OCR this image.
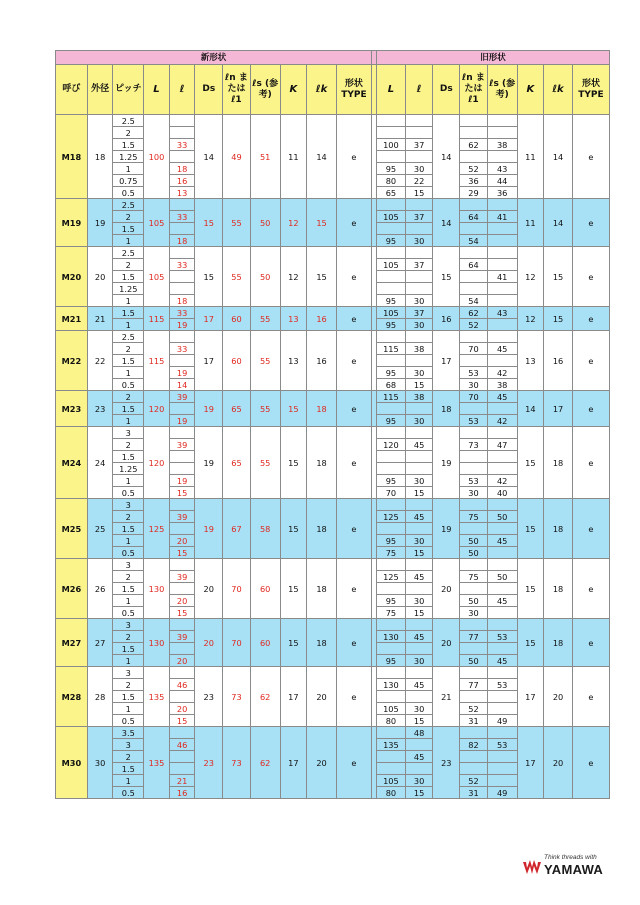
新形状												旧形状							
呼び	外径	ピッチ	L	ℓ	Ds	ℓn または ℓ1	ℓs (参考)	K	ℓk	形状 TYPE		L	ℓ	Ds	ℓn または ℓ1	ℓs (参考)	K	ℓk	形状 TYPE
M18	18	2.5	100		14	49	51	11	14	e				14			11	14	e
		2																	
		1.5		33								100	37		62	38			
		1.25																	
		1		18								95	30		52	43			
		0.75		16								80	22		36	44			
		0.5		13								65	15		29	36			
M19	19	2.5	105		15	55	50	12	15	e				14			11	14	e
		2		33								105	37		64	41			
		1.5																	
		1		18								95	30		54				
M20	20	2.5	105		15	55	50	12	15	e				15			12	15	e
		2		33								105	37		64				
		1.5														41			
		1.25																	
		1		18								95	30		54				
M21	21	1.5	115	33	17	60	55	13	16	e		105	37	16	62	43	12	15	e
		1		19								95	30		52				
M22	22	2.5	115		17	60	55	13	16	e				17			13	16	e
		2		33								115	38		70	45			
		1.5																	
		1		19								95	30		53	42			
		0.5		14								68	15		30	38			
M23	23	2	120	39	19	65	55	15	18	e		115	38	18	70	45	14	17	e
		1.5																	
		1		19								95	30		53	42			
M24	24	3	120		19	65	55	15	18	e				19			15	18	e
		2		39								120	45		73	47			
		1.5																	
		1.25																	
		1		19								95	30		53	42			
		0.5		15								70	15		30	40			
M25	25	3	125		19	67	58	15	18	e				19			15	18	e
		2		39								125	45		75	50			
		1.5																	
		1		20								95	30		50	45			
		0.5		15								75	15		50				
M26	26	3	130		20	70	60	15	18	e				20			15	18	e
		2		39								125	45		75	50			
		1.5																	
		1		20								95	30		50	45			
		0.5		15								75	15		30				
M27	27	3	130		20	70	60	15	18	e				20			15	18	e
		2		39								130	45		77	53			
		1.5																	
		1		20								95	30		50	45			
M28	28	3	135		23	73	62	17	20	e				21			17	20	e
		2		46								130	45		77	53			
		1.5																	
		1		20								105	30		52				
		0.5		15								80	15		31	49			
M30	30	3.5	135		23	73	62	17	20	e			48	23			17	20	e
		3		46								135			82	53			
		2											45						
		1.5																	
		1		21								105	30		52				
		0.5		16								80	15		31	49			
Think threads with
YAMAWA
